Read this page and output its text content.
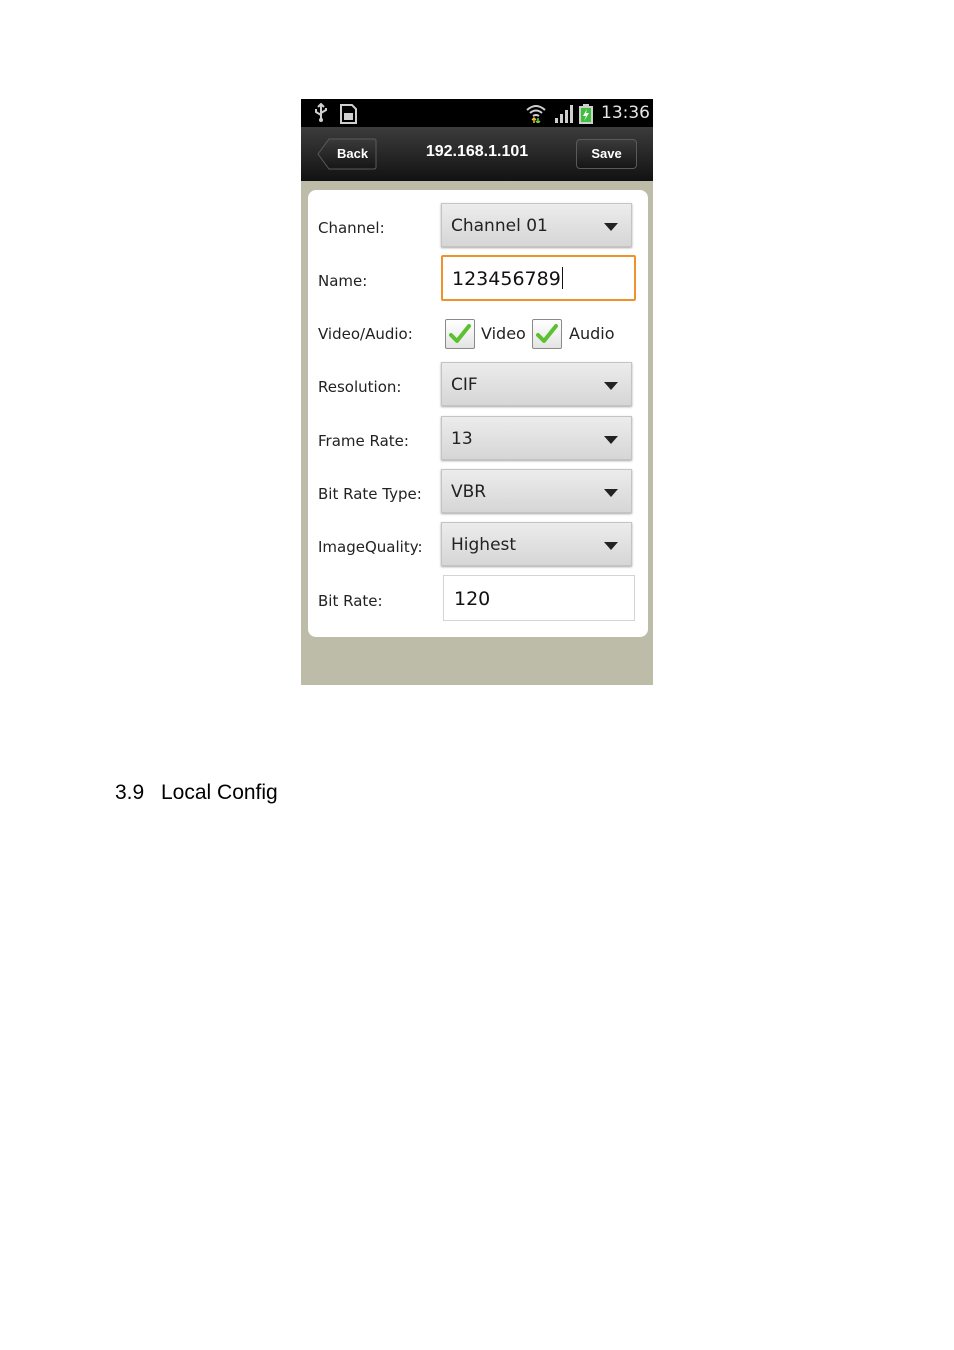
13:36
Back	192.168.1.101	Save
Channel:	Channel 01
Name:	123456789
Video/Audio:	Video	Audio
Resolution:	CIF
Frame Rate: 13
Bit Rate Type: VBR
ImageQuality: Highest
Bit Rate:	120
3.9 Local Config
